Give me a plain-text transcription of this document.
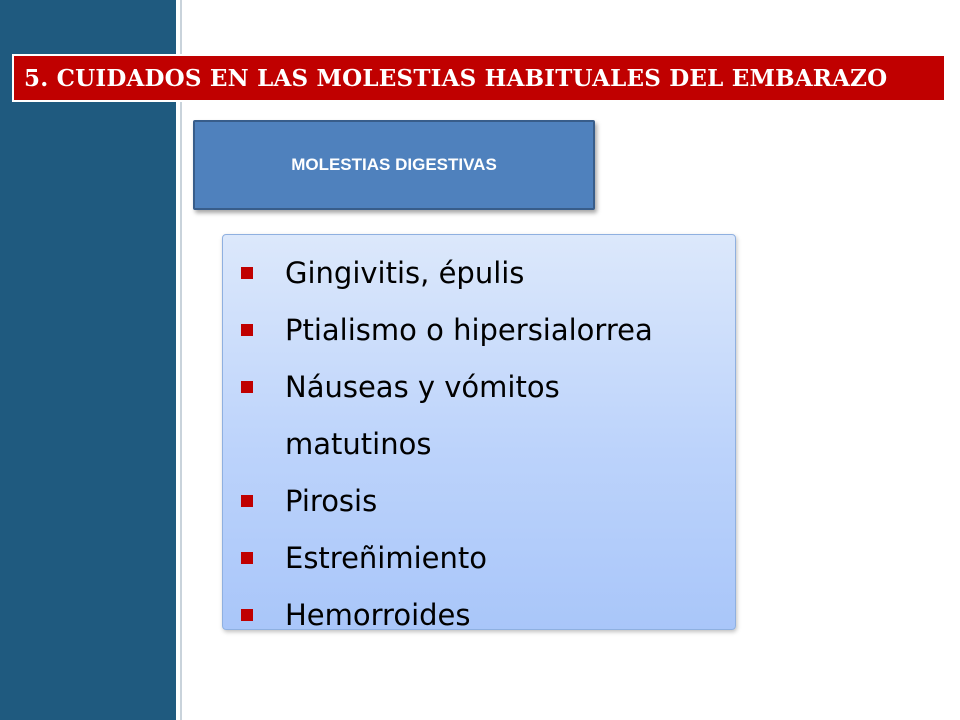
5. CUIDADOS EN LAS MOLESTIAS HABITUALES DEL EMBARAZO
MOLESTIAS DIGESTIVAS
Gingivitis, épulis
Ptialismo o hipersialorrea
Náuseas y vómitos matutinos
Pirosis
Estreñimiento
Hemorroides
